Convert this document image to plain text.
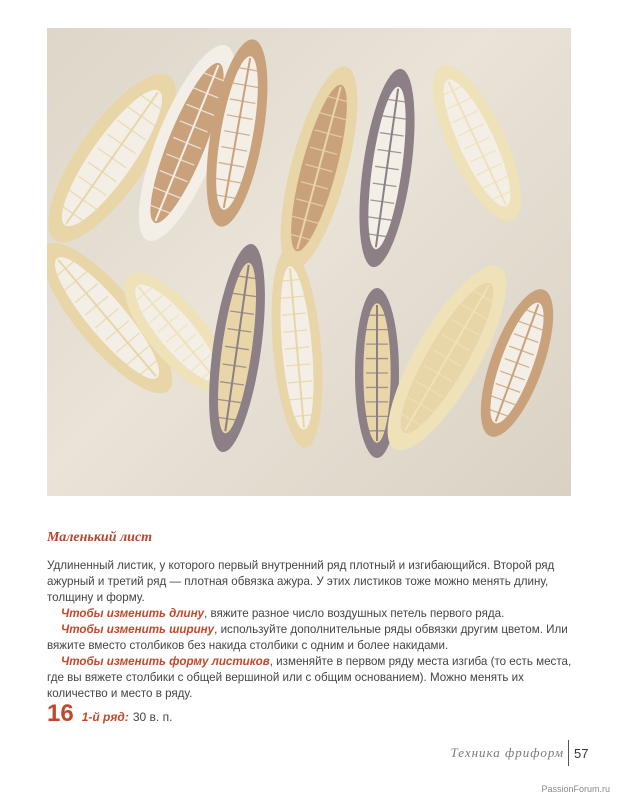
Маленький лист

Удлиненный листик, у которого первый внутренний ряд плотный и изгибающийся. Второй ряд ажурный и третий ряд — плотная обвязка ажура. У этих листиков тоже можно менять длину, толщину и форму.

Чтобы изменить длину, вяжите разное число воздушных петель первого ряда.

Чтобы изменить ширину, используйте дополнительные ряды обвязки другим цветом. Или вяжите вместо столбиков без накида столбики с одним и более накидами.

Чтобы изменить форму листиков, изменяйте в первом ряду места изгиба (то есть места, где вы вяжете столбики с общей вершиной или с общим основанием). Можно менять их количество и место в ряду.

16 1-й ряд: 30 в. п.
Техника фриформ 57
PassionForum.ru
